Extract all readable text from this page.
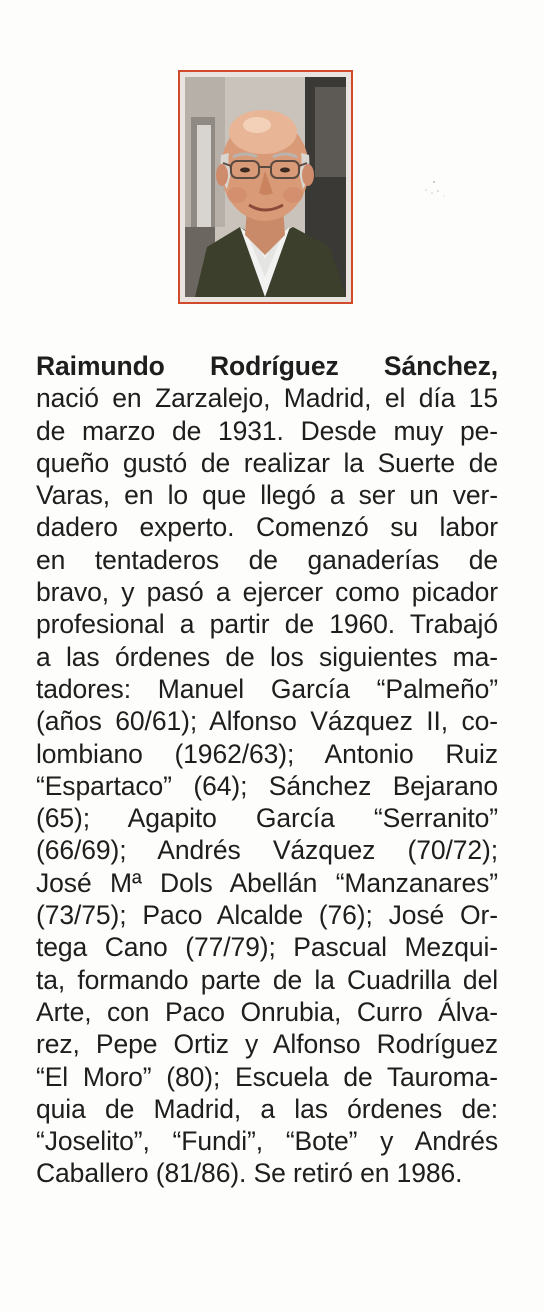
Raimundo Rodríguez Sánchez,
nació en Zarzalejo, Madrid, el día 15
de marzo de 1931. Desde muy pe-
queño gustó de realizar la Suerte de
Varas, en lo que llegó a ser un ver-
dadero experto. Comenzó su labor
en tentaderos de ganaderías de
bravo, y pasó a ejercer como picador
profesional a partir de 1960. Trabajó
a las órdenes de los siguientes ma-
tadores: Manuel García “Palmeño”
(años 60/61); Alfonso Vázquez II, co-
lombiano (1962/63); Antonio Ruiz
“Espartaco” (64); Sánchez Bejarano
(65); Agapito García “Serranito”
(66/69); Andrés Vázquez (70/72);
José Mª Dols Abellán “Manzanares”
(73/75); Paco Alcalde (76); José Or-
tega Cano (77/79); Pascual Mezqui-
ta, formando parte de la Cuadrilla del
Arte, con Paco Onrubia, Curro Álva-
rez, Pepe Ortiz y Alfonso Rodríguez
“El Moro” (80); Escuela de Tauroma-
quia de Madrid, a las órdenes de:
“Joselito”, “Fundi”, “Bote” y Andrés
Caballero (81/86). Se retiró en 1986.
